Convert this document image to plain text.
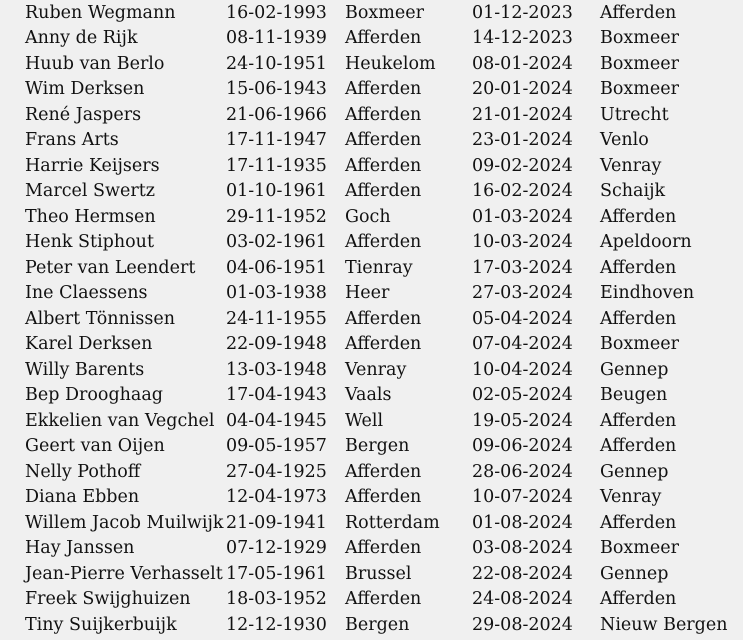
Ruben Wegmann	16-02-1993 Boxmeer	01-12-2023 Afferden
Anny de Rijk	08-11-1939 Afferden	14-12-2023 Boxmeer
Huub van Berlo	24-10-1951 Heukelom 08-01-2024 Boxmeer
Wim Derksen	15-06-1943 Afferden	20-01-2024 Boxmeer
René Jaspers	21-06-1966 Afferden	21-01-2024 Utrecht
Frans Arts	17-11-1947 Afferden	23-01-2024 Venlo
Harrie Keijsers	17-11-1935 Afferden	09-02-2024 Venray
Marcel Swertz	01-10-1961 Afferden	16-02-2024 Schaijk
Theo Hermsen	29-11-1952 Goch	01-03-2024 Afferden
Henk Stiphout	03-02-1961 Afferden	10-03-2024 Apeldoorn
Peter van Leendert 04-06-1951 Tienray	17-03-2024 Afferden
Ine Claessens	01-03-1938 Heer	27-03-2024 Eindhoven
Albert Tönnissen	24-11-1955 Afferden	05-04-2024 Afferden
Karel Derksen	22-09-1948 Afferden	07-04-2024 Boxmeer
Willy Barents	13-03-1948 Venray	10-04-2024 Gennep
Bep Drooghaag	17-04-1943 Vaals	02-05-2024 Beugen
Ekkelien van Vegchel 04-04-1945 Well	19-05-2024 Afferden
Geert van Oijen	09-05-1957 Bergen	09-06-2024 Afferden
Nelly Pothoff	27-04-1925 Afferden	28-06-2024 Gennep
Diana Ebben	12-04-1973 Afferden	10-07-2024 Venray
Willem Jacob Muilwijk 21-09-1941 Rotterdam 01-08-2024 Afferden
Hay Janssen	07-12-1929 Afferden	03-08-2024 Boxmeer
Jean-Pierre Verhasselt 17-05-1961 Brussel	22-08-2024 Gennep
Freek Swijghuizen 18-03-1952 Afferden	24-08-2024 Afferden
Tiny Suijkerbuijk	12-12-1930 Bergen	29-08-2024 Nieuw Bergen
